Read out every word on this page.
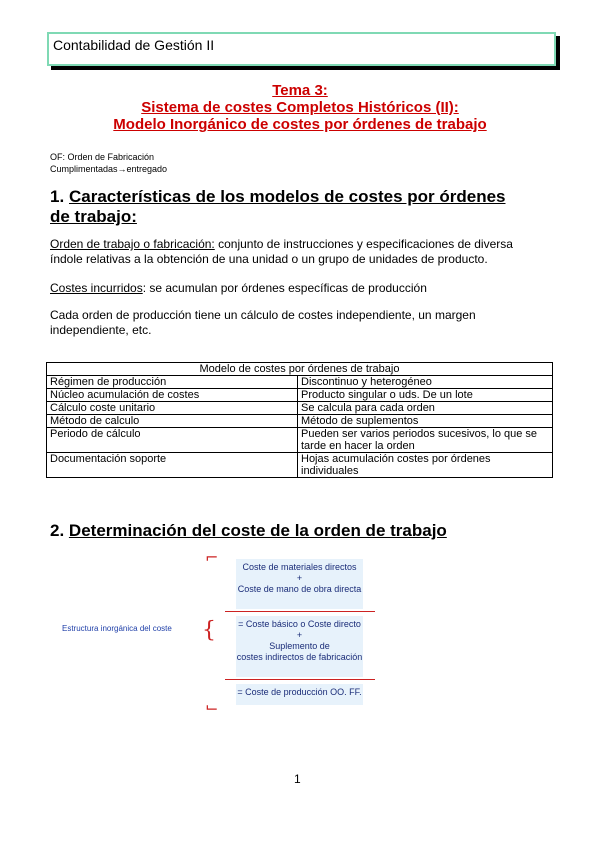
Contabilidad de Gestión II
Tema 3:
Sistema de costes Completos Históricos (II):
Modelo Inorgánico de costes por órdenes de trabajo
OF: Orden de Fabricación
Cumplimentadas→entregado
1. Características de los modelos de costes por órdenes de trabajo:
Orden de trabajo o fabricación: conjunto de instrucciones y especificaciones de diversa índole relativas a la obtención de una unidad o un grupo de unidades de producto.
Costes incurridos: se acumulan por órdenes específicas de producción
Cada orden de producción tiene un cálculo de costes independiente, un margen independiente, etc.
Modelo de costes por órdenes de trabajo	
Régimen de producción	Discontinuo y heterogéneo
Núcleo acumulación de costes	Producto singular o uds. De un lote
Cálculo coste unitario	Se calcula para cada orden
Método de calculo	Método de suplementos
Periodo de cálculo	Pueden ser varios periodos sucesivos, lo que se tarde en hacer la orden
Documentación soporte	Hojas acumulación costes por órdenes individuales
2. Determinación del coste de la orden de trabajo
Estructura inorgánica del coste
⌐
{
⌙
Coste de materiales directos
+
Coste de mano de obra directa
= Coste básico o Coste directo
+
Suplemento de
costes indirectos de fabricación
= Coste de producción OO. FF.
1
